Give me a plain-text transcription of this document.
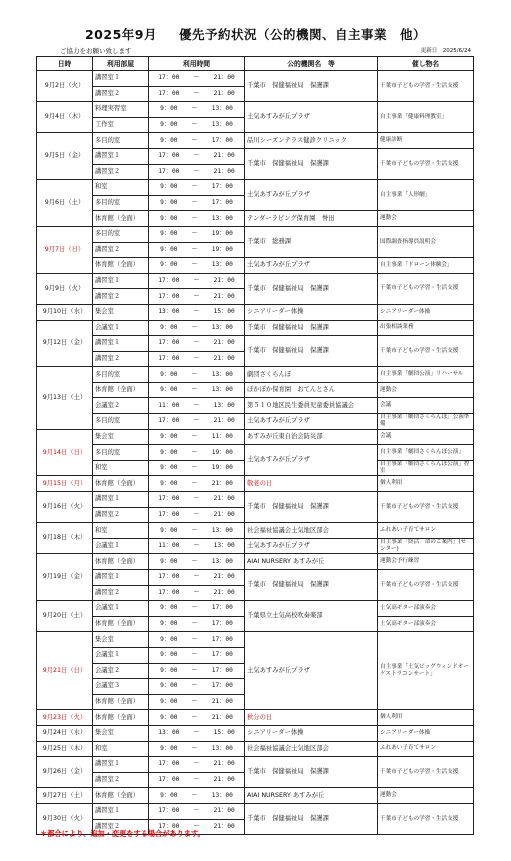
2025年9月 優先予約状況（公的機関、自主事業　他）
ご協力をお願い致します	更新日　2025/6/24
日時	利用部屋	利用時間	公的機関名　等	催し物名
9月2日（火）	講習室１	17：00 ～ 21：00	千葉市　保健福祉局　保護課	千葉市子どもの学習・生活支援
	講習室２	17：00 ～ 21：00		
9月4日（木）	料理実習室	9：00 ～ 13：00	土気あすみが丘プラザ	自主事業「健康料理教室」
	工作室	9：00 ～ 13：00		
9月5日（金）	多目的室	9：00 ～ 17：00	品川シーズンテラス健診クリニック	健康診断
	講習室１	17：00 ～ 21：00	千葉市　保健福祉局　保護課	千葉市子どもの学習・生活支援
	講習室２	17：00 ～ 21：00		
9月6日（土）	和室	9：00 ～ 17：00	土気あすみが丘プラザ	自主事業「人形劇」
	多目的室	9：00 ～ 17：00		
	体育館（全面）	9：00 ～ 13：00	テンダーラビング保育園　誉田	運動会
9月7日（日）	多目的室	9：00 ～ 19：00	千葉市　総務課	国際調査指導員説明会
	講習室２	9：00 ～ 19：00		
	体育館（全面）	9：00 ～ 13：00	土気あすみが丘プラザ	自主事業「ドローン体験会」
9月9日（火）	講習室１	17：00 ～ 21：00	千葉市　保健福祉局　保護課	千葉市子どもの学習・生活支援
	講習室２	17：00 ～ 21：00		
9月10日（水）	集会室	13：00 ～ 15：00	シニアリーダー体操	シニアリーダー体操
9月12日（金）	会議室１	9：00 ～ 13：00	千葉市　保健福祉局　保護課	出張相談業務
	講習室１	17：00 ～ 21：00	千葉市　保健福祉局　保護課	千葉市子どもの学習・生活支援
	講習室２	17：00 ～ 21：00		
9月13日（土）	多目的室	9：00 ～ 13：00	劇団さくらんぼ	自主事業「劇団公演」リハーサル
	体育館（全面）	9：00 ～ 13：00	ぽかぽか保育園　おてんとさん	運動会
	会議室２	11：00 ～ 13：00	第５１０地区民生委員児童委員協議会	会議
	多目的室	17：00 ～ 21：00	土気あすみが丘プラザ	自主事業「劇団さくらんぼ」公演準備
9月14日（日）	集会室	9：00 ～ 11：00	あすみが丘東自治会防災部	会議
	多目的室	9：00 ～ 19：00	土気あすみが丘プラザ	自主事業「劇団さくらんぼ公演」
	和室	9：00 ～ 19：00		自主事業「劇団さくらんぼ公演」控室
9月15日（月）	体育館（全面）	9：00 ～ 21：00	敬老の日	個人利用
9月16日（火）	講習室１	17：00 ～ 21：00	千葉市　保健福祉局　保護課	千葉市子どもの学習・生活支援
	講習室２	17：00 ～ 21：00		
9月18日（木）	和室	9：00 ～ 13：00	社会福祉協議会土気地区部会	ふれあい子育てサロン
	会議室１	11：00 ～ 13：00	土気あすみが丘プラザ	自主事業「終活　命のご案内」(センター)
9月19日（金）	体育館（全面）	9：00 ～ 13：00	AIAI NURSERY あすみが丘	運動会予行練習
	講習室１	17：00 ～ 21：00	千葉市　保健福祉局　保護課	千葉市子どもの学習・生活支援
	講習室２	17：00 ～ 21：00		
9月20日（土）	会議室１	9：00 ～ 17：00	千葉県立土気高校吹奏楽部	土気高ギター部演奏会
	体育館（全面）	9：00 ～ 17：00		土気高ギター部演奏会
9月21日（日）	集会室	9：00 ～ 17：00	土気あすみが丘プラザ	自主事業「土気ビッグウィンドオーケストラコンサート」
	会議室１	9：00 ～ 17：00		
	会議室２	9：00 ～ 17：00		
	会議室３	9：00 ～ 17：00		
	体育館（全面）	9：00 ～ 21：00		
9月23日（火）	体育館（全面）	9：00 ～ 21：00	秋分の日	個人利用
9月24日（水）	集会室	13：00 ～ 15：00	シニアリーダー体操	シニアリーダー体操
9月25日（木）	和室	9：00 ～ 13：00	社会福祉協議会土気地区部会	ふれあい子育てサロン
9月26日（金）	講習室１	17：00 ～ 21：00	千葉市　保健福祉局　保護課	千葉市子どもの学習・生活支援
	講習室２	17：00 ～ 21：00		
9月27日（土）	体育館（全面）	9：00 ～ 13：00	AIAI NURSERY あすみが丘	運動会
9月30日（火）	講習室１	17：00 ～ 21：00	千葉市　保健福祉局　保護課	千葉市子どもの学習・生活支援
	講習室２	17：00 ～ 21：00		
＊都合により、追加・変更をする場合があります。
